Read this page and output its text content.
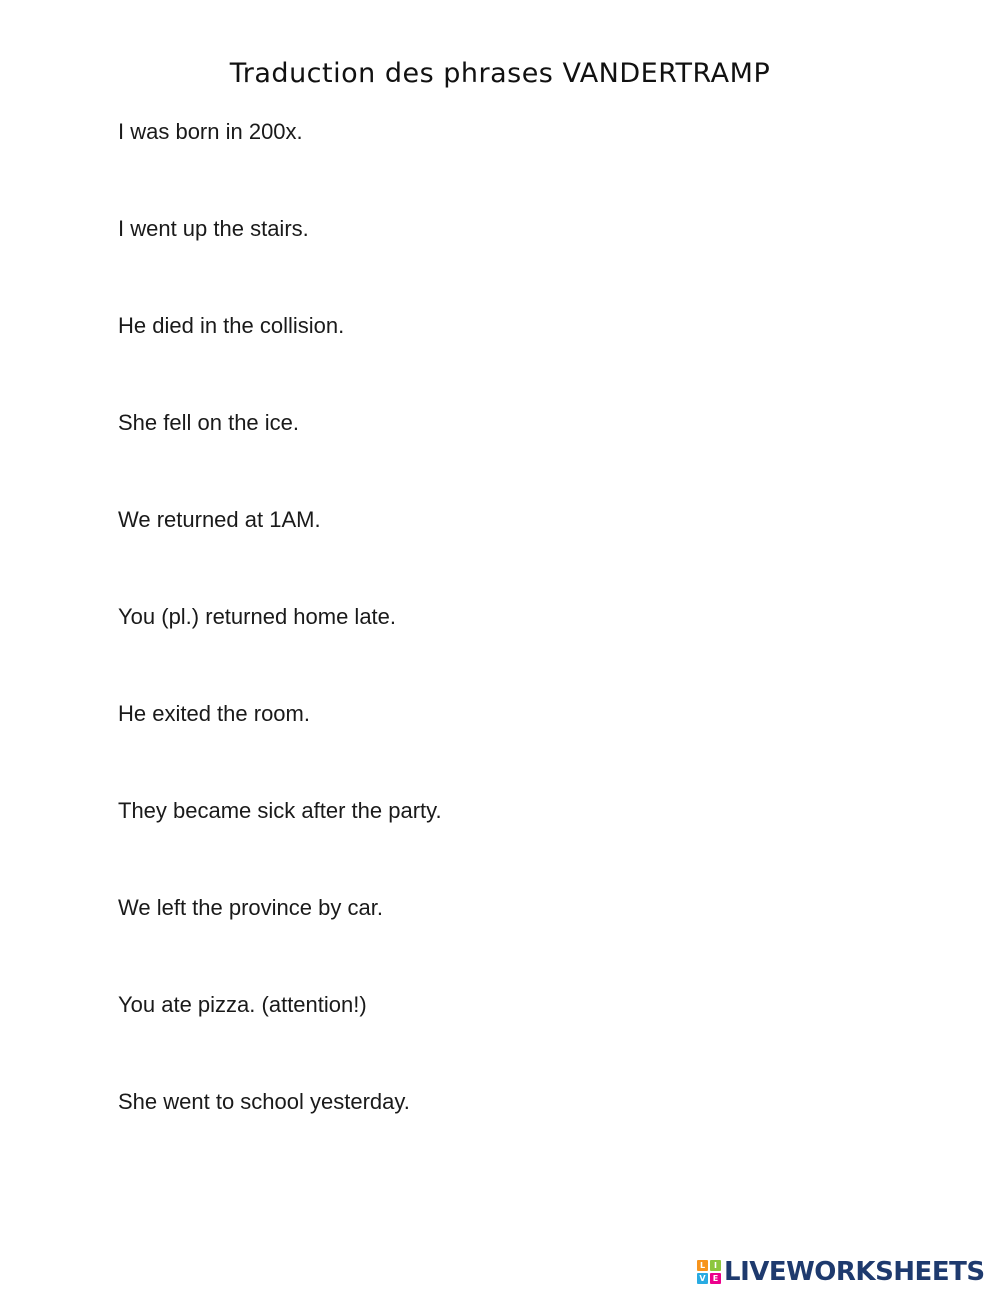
Traduction des phrases VANDERTRAMP

I was born in 200x.

I went up the stairs.

He died in the collision.

She fell on the ice.

We returned at 1AM.

You (pl.) returned home late.

He exited the room.

They became sick after the party.

We left the province by car.

You ate pizza. (attention!)

She went to school yesterday.

L	I
V E LIVEWORKSHEETS
